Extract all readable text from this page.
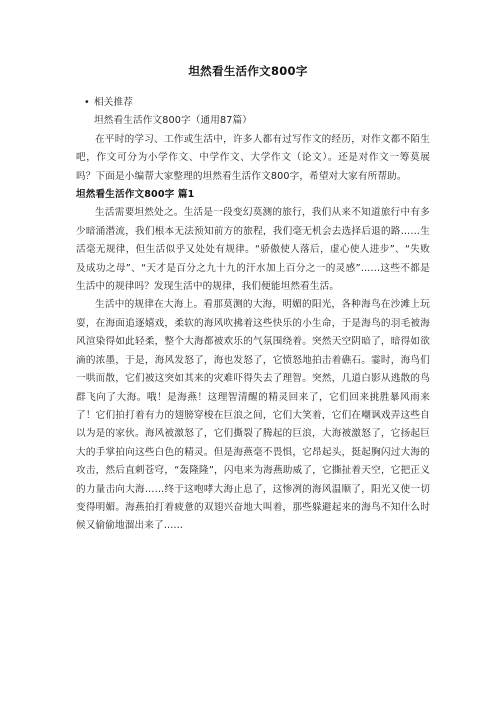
坦然看生活作文800字

• 相关推荐

坦然看生活作文800字（通用87篇）

在平时的学习、工作或生活中，许多人都有过写作文的经历，对作文都不陌生吧，作文可分为小学作文、中学作文、大学作文（论文）。还是对作文一筹莫展吗？下面是小编帮大家整理的坦然看生活作文800字，希望对大家有所帮助。

坦然看生活作文800字 篇1

生活需要坦然处之。生活是一段变幻莫测的旅行，我们从来不知道旅行中有多少暗涌潜流，我们根本无法预知前方的旅程，我们毫无机会去选择后退的路……生活毫无规律，但生活似乎又处处有规律。“骄傲使人落后，虚心使人进步”、“失败及成功之母”、“天才是百分之九十九的汗水加上百分之一的灵感”……这些不都是生活中的规律吗？发现生活中的规律，我们便能坦然看生活。

生活中的规律在大海上。看那莫测的大海，明媚的阳光，各种海鸟在沙滩上玩耍，在海面追逐嬉戏，柔软的海风吹拂着这些快乐的小生命，于是海鸟的羽毛被海风渲染得如此轻柔，整个大海都被欢乐的气氛围绕着。突然天空阴暗了，暗得如欲滴的浓墨，于是，海风发怒了，海也发怒了，它愤怒地拍击着礁石。霎时，海鸟们一哄而散，它们被这突如其来的灾难吓得失去了理智。突然，几道白影从逃散的鸟群飞向了大海。哦！是海燕！这理智清醒的精灵回来了，它们回来挑胜暴风雨来了！它们拍打着有力的翅膀穿梭在巨浪之间，它们大笑着，它们在嘲讽戏弄这些自以为是的家伙。海风被激怒了，它们撕裂了腾起的巨浪，大海被激怒了，它扬起巨大的手掌拍向这些白色的精灵。但是海燕毫不畏惧，它昂起头，挺起胸闪过大海的攻击，然后直刺苍穹，“轰隆隆”，闪电来为海燕助威了，它撕扯着天空，它把正义的力量击向大海……终于这咆哮大海止息了，这惨冽的海风温顺了，阳光又使一切变得明媚。海燕拍打着疲惫的双翅兴奋地大叫着，那些躲避起来的海鸟不知什么时候又偷偷地溜出来了……
